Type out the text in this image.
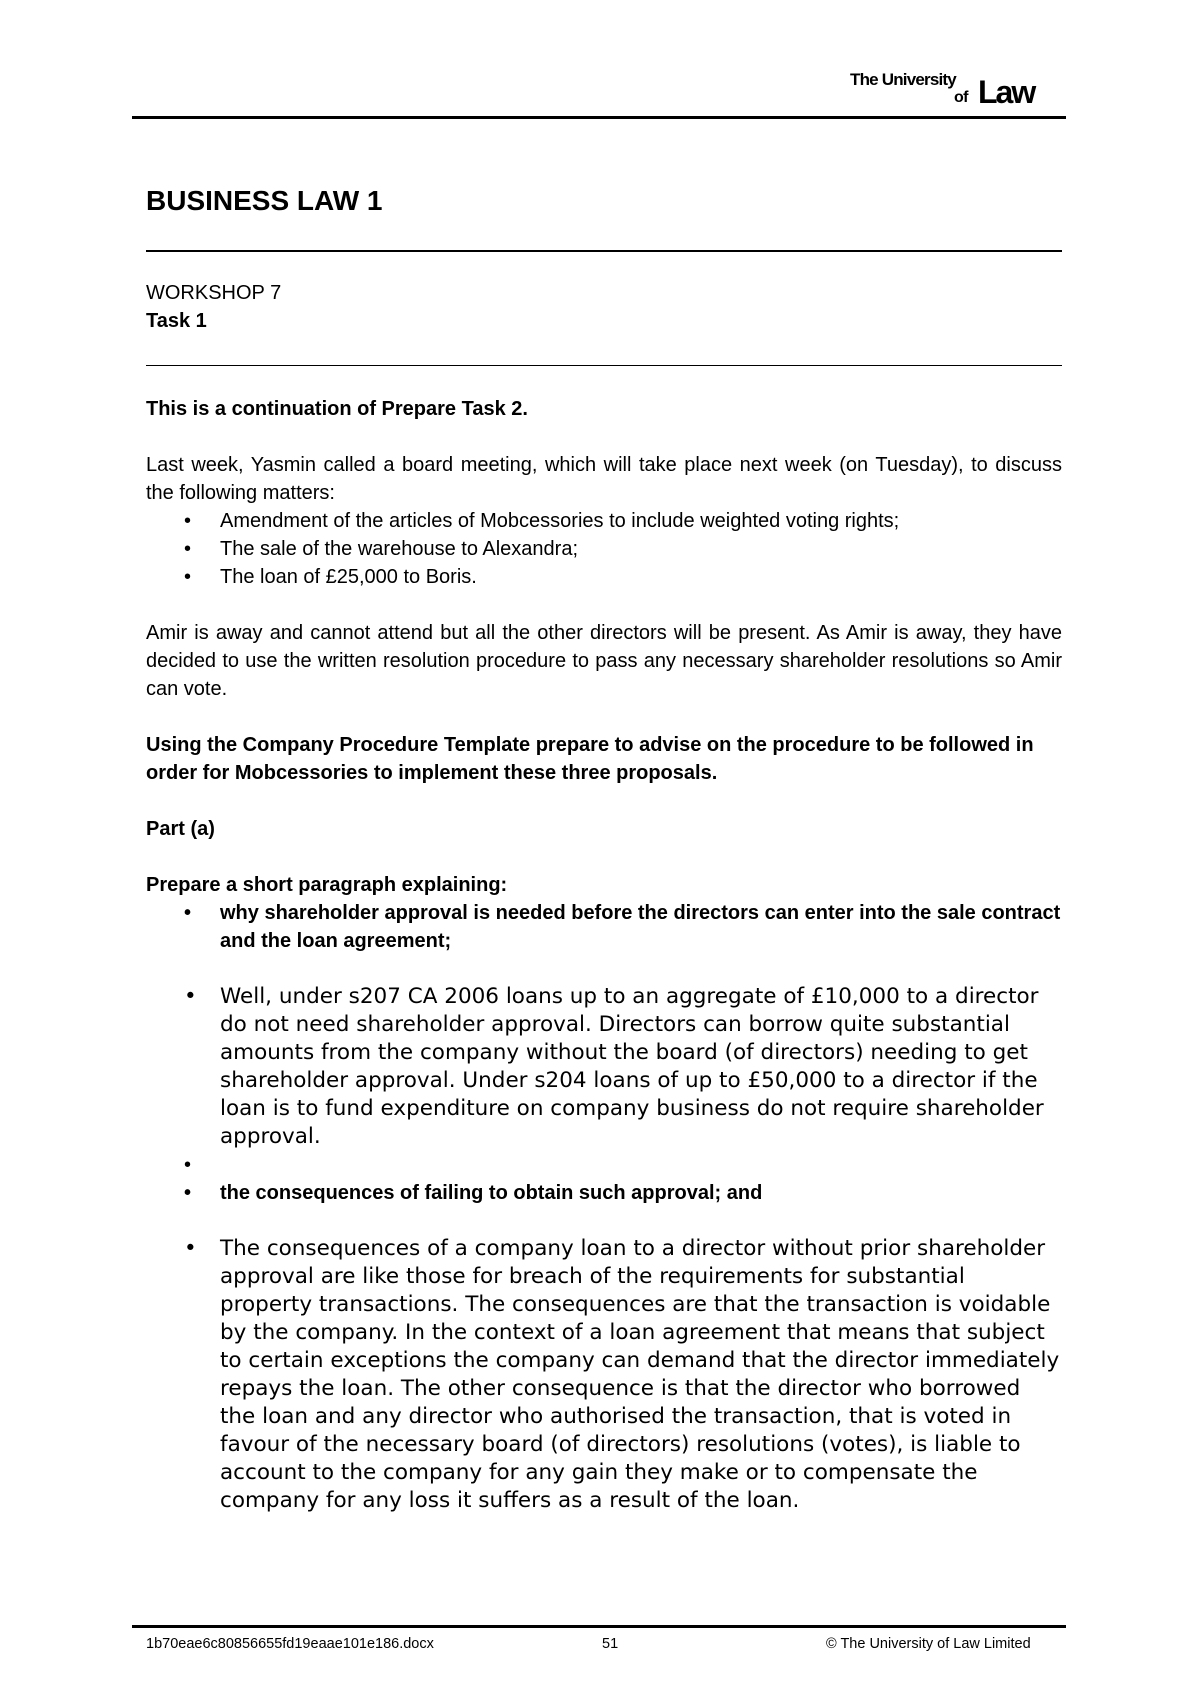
The University
of Law
BUSINESS LAW 1
WORKSHOP 7
Task 1

This is a continuation of Prepare Task 2.

Last week, Yasmin called a board meeting, which will take place next week (on Tuesday), to discuss the following matters:

• Amendment of the articles of Mobcessories to include weighted voting rights;
• The sale of the warehouse to Alexandra;
• The loan of £25,000 to Boris.

Amir is away and cannot attend but all the other directors will be present. As Amir is away, they have decided to use the written resolution procedure to pass any necessary shareholder resolutions so Amir can vote.

Using the Company Procedure Template prepare to advise on the procedure to be followed in order for Mobcessories to implement these three proposals.

Part (a)

Prepare a short paragraph explaining:

• why shareholder approval is needed before the directors can enter into the sale contract and the loan agreement;
• Well, under s207 CA 2006 loans up to an aggregate of £10,000 to a director do not need shareholder approval. Directors can borrow quite substantial amounts from the company without the board (of directors) needing to get shareholder approval. Under s204 loans of up to £50,000 to a director if the loan is to fund expenditure on company business do not require shareholder approval.
•

• the consequences of failing to obtain such approval; and
• The consequences of a company loan to a director without prior shareholder approval are like those for breach of the requirements for substantial property transactions. The consequences are that the transaction is voidable by the company. In the context of a loan agreement that means that subject to certain exceptions the company can demand that the director immediately repays the loan. The other consequence is that the director who borrowed the loan and any director who authorised the transaction, that is voted in favour of the necessary board (of directors) resolutions (votes), is liable to account to the company for any gain they make or to compensate the company for any loss it suffers as a result of the loan.
1b70eae6c80856655fd19eaae101e186.docx	51	© The University of Law Limited
